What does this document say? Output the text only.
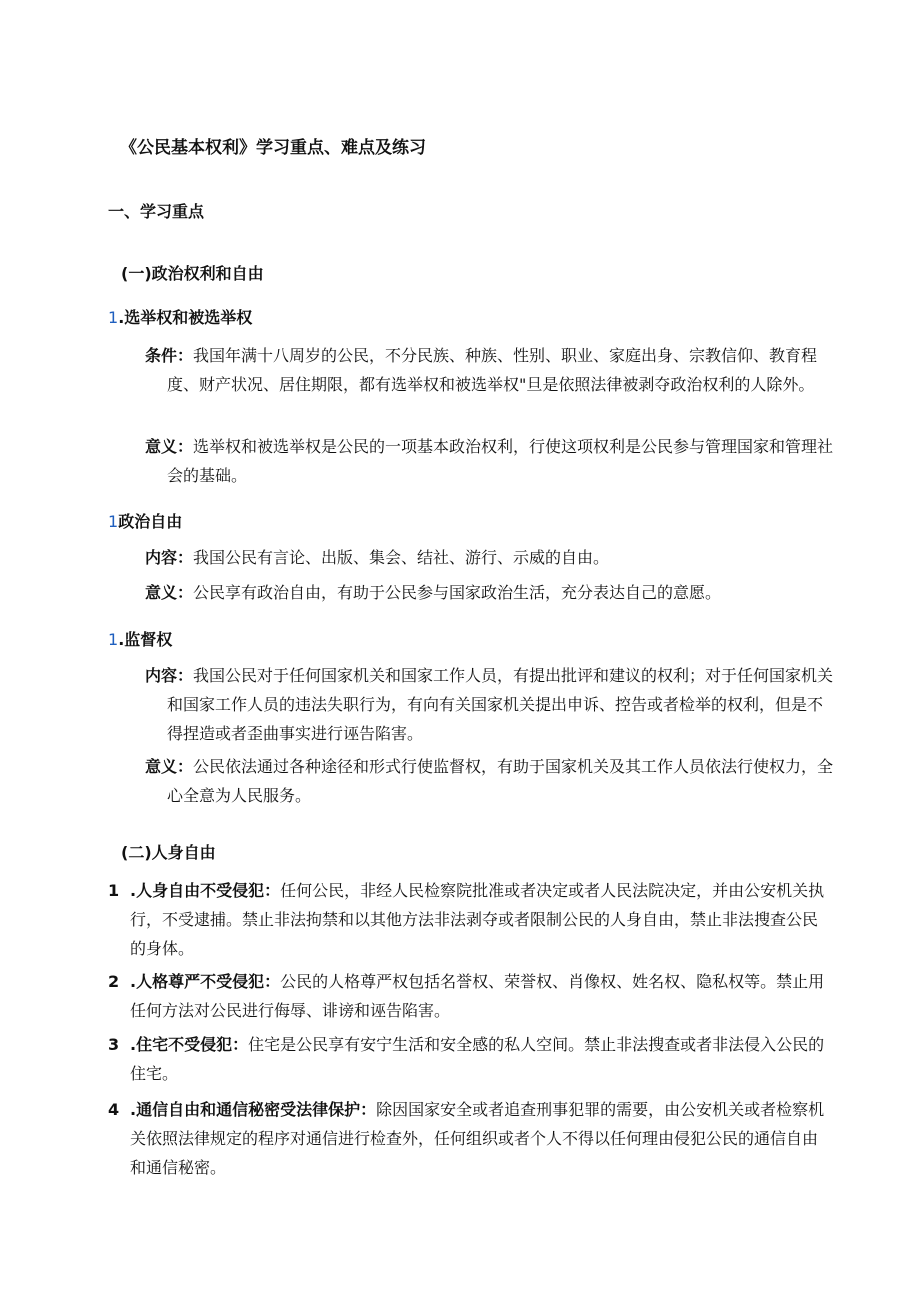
《公民基本权利》学习重点、难点及练习
一、学习重点
(一)政治权利和自由
1.选举权和被选举权
条件：我国年满十八周岁的公民，不分民族、种族、性别、职业、家庭出身、宗教信仰、教育程度、财产状况、居住期限，都有选举权和被选举权"旦是依照法律被剥夺政治权利的人除外。
意义：选举权和被选举权是公民的一项基本政治权利，行使这项权利是公民参与管理国家和管理社会的基础。
1政治自由
内容：我国公民有言论、出版、集会、结社、游行、示威的自由。
意义：公民享有政治自由，有助于公民参与国家政治生活，充分表达自己的意愿。
1.监督权
内容：我国公民对于任何国家机关和国家工作人员，有提出批评和建议的权利；对于任何国家机关和国家工作人员的违法失职行为，有向有关国家机关提出申诉、控告或者检举的权利，但是不得捏造或者歪曲事实进行诬告陷害。
意义：公民依法通过各种途径和形式行使监督权，有助于国家机关及其工作人员依法行使权力，全心全意为人民服务。
(二)人身自由
1 .人身自由不受侵犯：任何公民，非经人民检察院批准或者决定或者人民法院决定，并由公安机关执行，不受逮捕。禁止非法拘禁和以其他方法非法剥夺或者限制公民的人身自由，禁止非法搜查公民的身体。
2 .人格尊严不受侵犯：公民的人格尊严权包括名誉权、荣誉权、肖像权、姓名权、隐私权等。禁止用任何方法对公民进行侮辱、诽谤和诬告陷害。
3 .住宅不受侵犯：住宅是公民享有安宁生活和安全感的私人空间。禁止非法搜查或者非法侵入公民的住宅。
4 .通信自由和通信秘密受法律保护：除因国家安全或者追查刑事犯罪的需要，由公安机关或者检察机关依照法律规定的程序对通信进行检查外，任何组织或者个人不得以任何理由侵犯公民的通信自由和通信秘密。
